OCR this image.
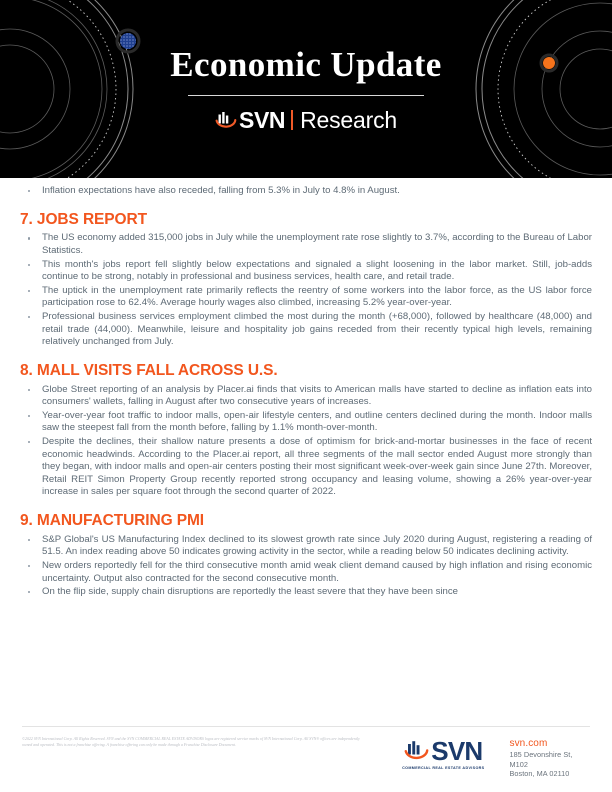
Economic Update
SVN Research
Inflation expectations have also receded, falling from 5.3% in July to 4.8% in August.
7. JOBS REPORT
The US economy added 315,000 jobs in July while the unemployment rate rose slightly to 3.7%, according to the Bureau of Labor Statistics.
This month's jobs report fell slightly below expectations and signaled a slight loosening in the labor market. Still, job-adds continue to be strong, notably in professional and business services, health care, and retail trade.
The uptick in the unemployment rate primarily reflects the reentry of some workers into the labor force, as the US labor force participation rose to 62.4%. Average hourly wages also climbed, increasing 5.2% year-over-year.
Professional business services employment climbed the most during the month (+68,000), followed by healthcare (48,000) and retail trade (44,000). Meanwhile, leisure and hospitality job gains receded from their recently typical high levels, remaining relatively unchanged from July.
8. MALL VISITS FALL ACROSS U.S.
Globe Street reporting of an analysis by Placer.ai finds that visits to American malls have started to decline as inflation eats into consumers' wallets, falling in August after two consecutive years of increases.
Year-over-year foot traffic to indoor malls, open-air lifestyle centers, and outline centers declined during the month. Indoor malls saw the steepest fall from the month before, falling by 1.1% month-over-month.
Despite the declines, their shallow nature presents a dose of optimism for brick-and-mortar businesses in the face of recent economic headwinds. According to the Placer.ai report, all three segments of the mall sector ended August more strongly than they began, with indoor malls and open-air centers posting their most significant week-over-week gain since June 27th. Moreover, Retail REIT Simon Property Group recently reported strong occupancy and leasing volume, showing a 26% year-over-year increase in sales per square foot through the second quarter of 2022.
9. MANUFACTURING PMI
S&P Global's US Manufacturing Index declined to its slowest growth rate since July 2020 during August, registering a reading of 51.5. An index reading above 50 indicates growing activity in the sector, while a reading below 50 indicates declining activity.
New orders reportedly fell for the third consecutive month amid weak client demand caused by high inflation and rising economic uncertainty. Output also contracted for the second consecutive month.
On the flip side, supply chain disruptions are reportedly the least severe that they have been since
©2022 SVN International Corp. All Rights Reserved. SVN and the SVN COMMERCIAL REAL ESTATE ADVISORS logos are registered service marks of SVN International Corp. All SVN® offices are independently owned and operated. This is not a franchise offering. A franchise offering can only be made through a Franchise Disclosure Document.	SVN
COMMERCIAL REAL ESTATE ADVISORS
svn.com
185 Devonshire St, M102
Boston, MA 02110
